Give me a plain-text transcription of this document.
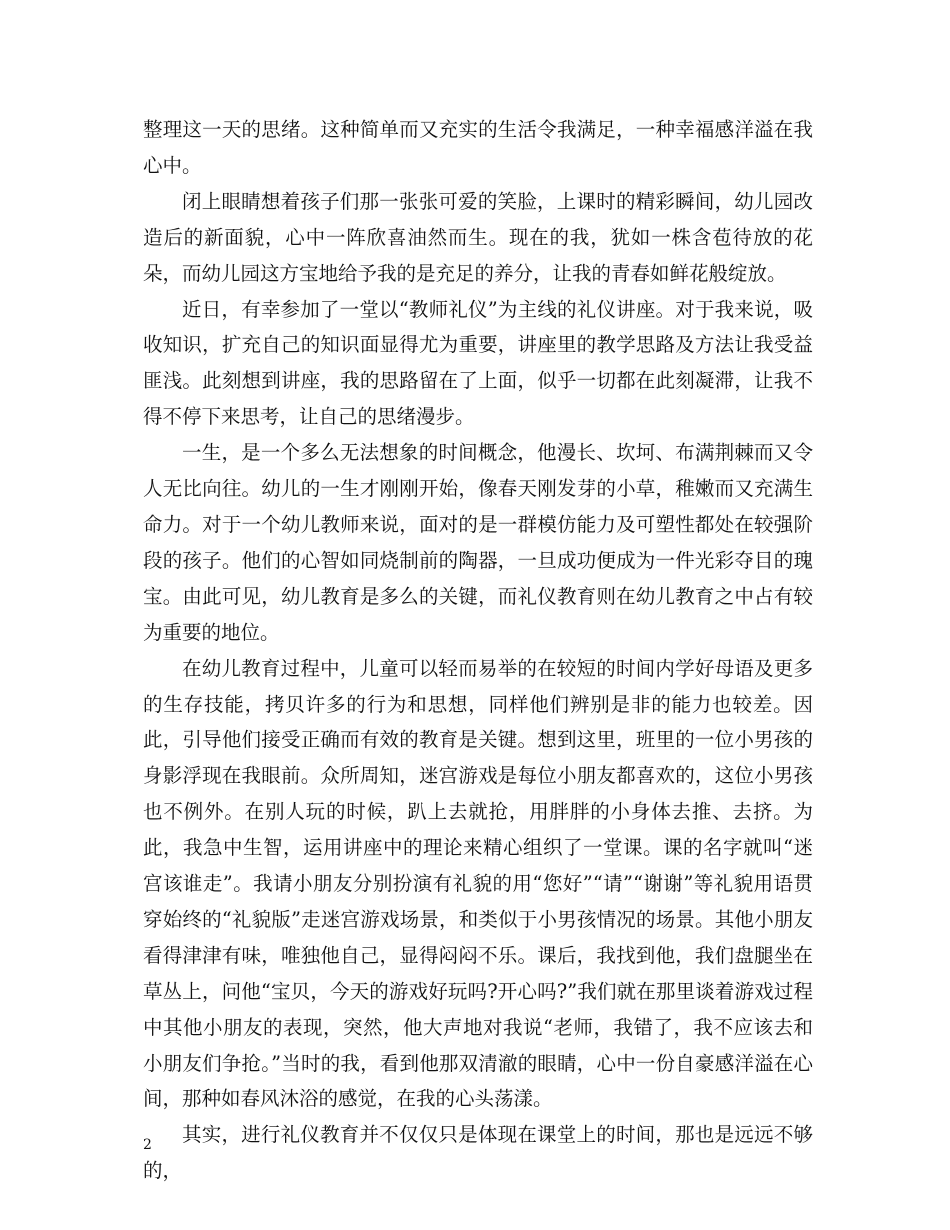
整理这一天的思绪。这种简单而又充实的生活令我满足，一种幸福感洋溢在我心中。

闭上眼睛想着孩子们那一张张可爱的笑脸，上课时的精彩瞬间，幼儿园改造后的新面貌，心中一阵欣喜油然而生。现在的我，犹如一株含苞待放的花朵，而幼儿园这方宝地给予我的是充足的养分，让我的青春如鲜花般绽放。

近日，有幸参加了一堂以“教师礼仪”为主线的礼仪讲座。对于我来说，吸收知识，扩充自己的知识面显得尤为重要，讲座里的教学思路及方法让我受益匪浅。此刻想到讲座，我的思路留在了上面，似乎一切都在此刻凝滞，让我不得不停下来思考，让自己的思绪漫步。

一生，是一个多么无法想象的时间概念，他漫长、坎坷、布满荆棘而又令人无比向往。幼儿的一生才刚刚开始，像春天刚发芽的小草，稚嫩而又充满生命力。对于一个幼儿教师来说，面对的是一群模仿能力及可塑性都处在较强阶段的孩子。他们的心智如同烧制前的陶器，一旦成功便成为一件光彩夺目的瑰宝。由此可见，幼儿教育是多么的关键，而礼仪教育则在幼儿教育之中占有较为重要的地位。

在幼儿教育过程中，儿童可以轻而易举的在较短的时间内学好母语及更多的生存技能，拷贝许多的行为和思想，同样他们辨别是非的能力也较差。因此，引导他们接受正确而有效的教育是关键。想到这里，班里的一位小男孩的身影浮现在我眼前。众所周知，迷宫游戏是每位小朋友都喜欢的，这位小男孩也不例外。在别人玩的时候，趴上去就抢，用胖胖的小身体去推、去挤。为此，我急中生智，运用讲座中的理论来精心组织了一堂课。课的名字就叫“迷宫该谁走”。我请小朋友分别扮演有礼貌的用“您好”“请”“谢谢”等礼貌用语贯穿始终的“礼貌版”走迷宫游戏场景，和类似于小男孩情况的场景。其他小朋友看得津津有味，唯独他自己，显得闷闷不乐。课后，我找到他，我们盘腿坐在草丛上，问他“宝贝，今天的游戏好玩吗?开心吗?”我们就在那里谈着游戏过程中其他小朋友的表现，突然，他大声地对我说“老师，我错了，我不应该去和小朋友们争抢。”当时的我，看到他那双清澈的眼睛，心中一份自豪感洋溢在心间，那种如春风沐浴的感觉，在我的心头荡漾。

其实，进行礼仪教育并不仅仅只是体现在课堂上的时间，那也是远远不够的，

2
